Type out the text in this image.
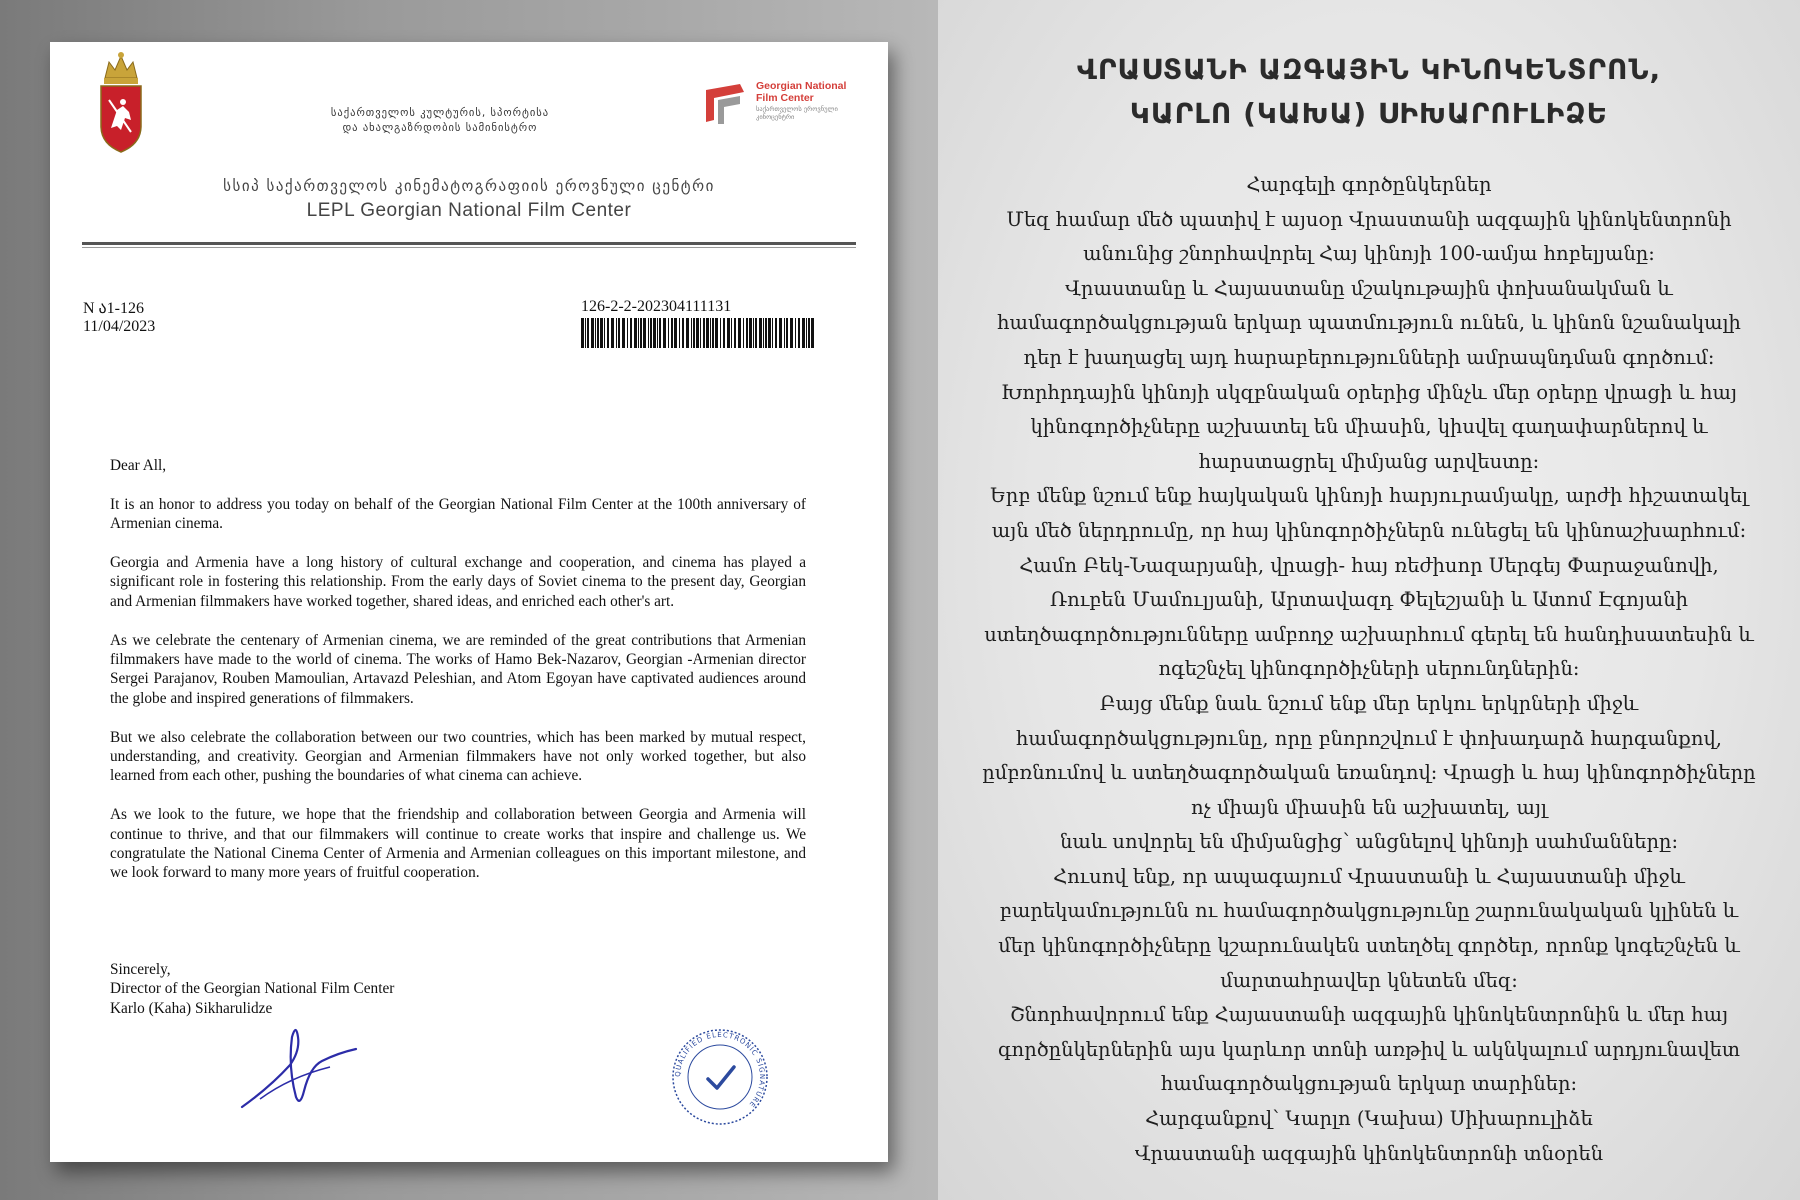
საქართველოს კულტურის, სპორტისა
და ახალგაზრდობის სამინისტრო
Georgian National
Film Center
საქართველოს ეროვნული
კინოცენტრი
სსიპ საქართველოს კინემატოგრაფიის ეროვნული ცენტრი
LEPL Georgian National Film Center
N ა1-126
11/04/2023
126-2-2-202304111131

Dear All,

It is an honor to address you today on behalf of the Georgian National Film Center at the 100th anniversary of Armenian cinema.

Georgia and Armenia have a long history of cultural exchange and cooperation, and cinema has played a significant role in fostering this relationship. From the early days of Soviet cinema to the present day, Georgian and Armenian filmmakers have worked together, shared ideas, and enriched each other's art.

As we celebrate the centenary of Armenian cinema, we are reminded of the great contributions that Armenian filmmakers have made to the world of cinema. The works of Hamo Bek-Nazarov, Georgian -Armenian director Sergei Parajanov, Rouben Mamoulian, Artavazd Peleshian, and Atom Egoyan have captivated audiences around the globe and inspired generations of filmmakers.

But we also celebrate the collaboration between our two countries, which has been marked by mutual respect, understanding, and creativity. Georgian and Armenian filmmakers have not only worked together, but also learned from each other, pushing the boundaries of what cinema can achieve.

As we look to the future, we hope that the friendship and collaboration between Georgia and Armenia will continue to thrive, and that our filmmakers will continue to create works that inspire and challenge us. We congratulate the National Cinema Center of Armenia and Armenian colleagues on this important milestone, and we look forward to many more years of fruitful cooperation.

Sincerely,
Director of the Georgian National Film Center
Karlo (Kaha) Sikharulidze
QUALIFIED ELECTRONIC SIGNATURE
ՎՐԱՍՏԱՆԻ ԱԶԳԱՅԻՆ ԿԻՆՈԿԵՆՏՐՈՆ,
ԿԱՐԼՈ (ԿԱԽԱ) ՍԻԽԱՐՈՒԼԻՁԵ
Հարգելի գործընկերներ
Մեզ համար մեծ պատիվ է այսօր Վրաստանի ազգային կինոկենտրոնի
անունից շնորհավորել Հայ կինոյի 100-ամյա հոբելյանը:
Վրաստանը և Հայաստանը մշակութային փոխանակման և
համագործակցության երկար պատմություն ունեն, և կինոն նշանակալի
դեր է խաղացել այդ հարաբերությունների ամրապնդման գործում:
Խորհրդային կինոյի սկզբնական օրերից մինչև մեր օրերը վրացի և հայ
կինոգործիչները աշխատել են միասին, կիսվել գաղափարներով և
հարստացրել միմյանց արվեստը:
Երբ մենք նշում ենք հայկական կինոյի հարյուրամյակը, արժի հիշատակել
այն մեծ ներդրումը, որ հայ կինոգործիչներն ունեցել են կինոաշխարհում:
Համո Բեկ-Նազարյանի, վրացի- հայ ռեժիսոր Սերգեյ Փարաջանովի,
Ռուբեն Մամուլյանի, Արտավազդ Փելեշյանի և Ատոմ Էգոյանի
ստեղծագործությունները ամբողջ աշխարհում գերել են հանդիսատեսին և
ոգեշնչել կինոգործիչների սերունդներին:
Բայց մենք նաև նշում ենք մեր երկու երկրների միջև
համագործակցությունը, որը բնորոշվում է փոխադարձ հարգանքով,
ըմբռնումով և ստեղծագործական եռանդով: Վրացի և հայ կինոգործիչները
ոչ միայն միասին են աշխատել, այլ
նաև սովորել են միմյանցից՝ անցնելով կինոյի սահմանները:
Հուսով ենք, որ ապագայում Վրաստանի և Հայաստանի միջև
բարեկամությունն ու համագործակցությունը շարունակական կլինեն և
մեր կինոգործիչները կշարունակեն ստեղծել գործեր, որոնք կոգեշնչեն և
մարտահրավեր կնետեն մեզ:
Շնորհավորում ենք Հայաստանի ազգային կինոկենտրոնին և մեր հայ
գործընկերներին այս կարևոր տոնի առթիվ և ակնկալում արդյունավետ
համագործակցության երկար տարիներ:
Հարգանքով՝ Կարլո (Կախա) Սիխարուլիձե
Վրաստանի ազգային կինոկենտրոնի տնօրեն
